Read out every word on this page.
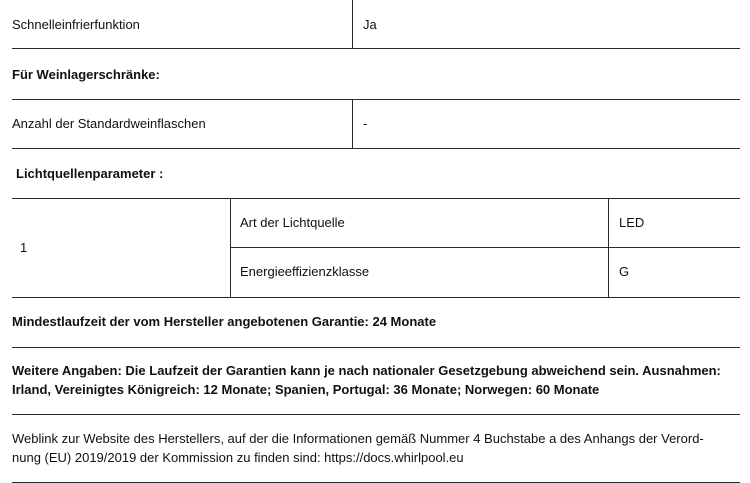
Schnelleinfrierfunktion	Ja
Für Weinlagerschränke:
Anzahl der Standardweinflaschen	-
Lichtquellenparameter :
1
Art der Lichtquelle	LED
Energieeffizienzklasse	G
Mindestlaufzeit der vom Hersteller angebotenen Garantie: 24 Monate
Weitere Angaben: Die Laufzeit der Garantien kann je nach nationaler Gesetzgebung abweichend sein. Ausnahmen:
Irland, Vereinigtes Königreich: 12 Monate; Spanien, Portugal: 36 Monate; Norwegen: 60 Monate
Weblink zur Website des Herstellers, auf der die Informationen gemäß Nummer 4 Buchstabe a des Anhangs der Verord-
nung (EU) 2019/2019 der Kommission zu finden sind: https://docs.whirlpool.eu
